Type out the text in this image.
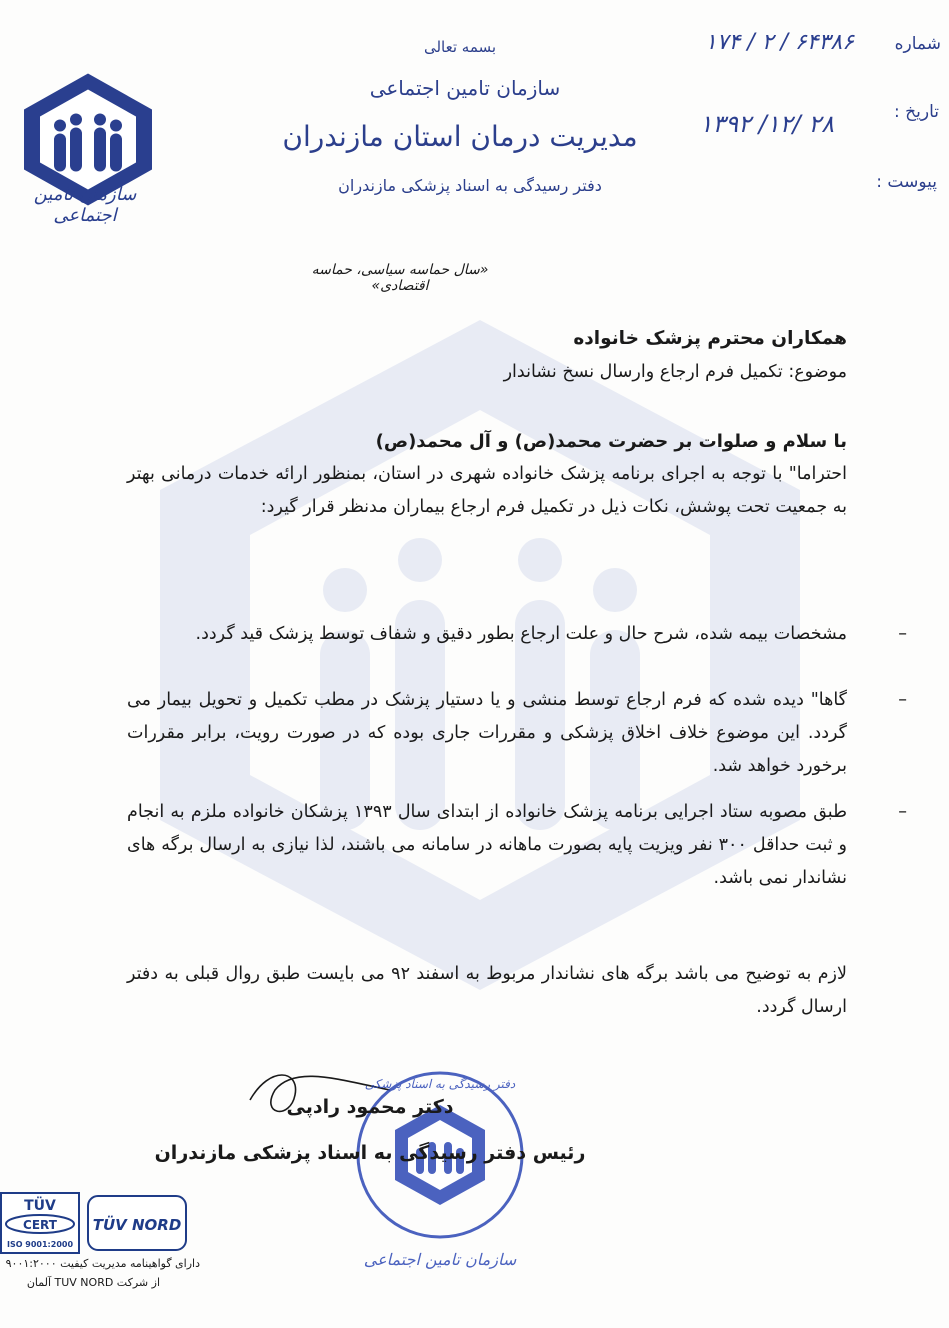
سازمان تامین اجتماعی
بسمه تعالی
سازمان تامین اجتماعی
مدیریت درمان استان مازندران
دفتر رسیدگی به اسناد پزشکی مازندران
شماره
۱۷۴ / ۲ / ۶۴۳۸۶
تاریخ :
۱۳۹۲ /۱۲/ ۲۸
پیوست :
«سال حماسه سیاسی، حماسه اقتصادی»
همکاران محترم پزشک خانواده
موضوع: تکمیل فرم ارجاع وارسال نسخ نشاندار
با سلام و صلوات بر حضرت محمد(ص) و آل محمد(ص)
احتراما" با توجه به اجرای برنامه پزشک خانواده شهری در استان، بمنظور ارائه خدمات درمانی بهتر به جمعیت تحت پوشش، نکات ذیل در تکمیل فرم ارجاع بیماران مدنظر قرار گیرد:
–
مشخصات بیمه شده، شرح حال و علت ارجاع بطور دقیق و شفاف توسط پزشک قید گردد.
–
گاها" دیده شده که فرم ارجاع توسط منشی و یا دستیار پزشک در مطب تکمیل و تحویل بیمار می گردد. این موضوع خلاف اخلاق پزشکی و مقررات جاری بوده که در صورت رویت، برابر مقررات برخورد خواهد شد.
–
طبق مصوبه ستاد اجرایی برنامه پزشک خانواده از ابتدای سال ۱۳۹۳ پزشکان خانواده ملزم به انجام و ثبت حداقل ۳۰۰ نفر ویزیت پایه بصورت ماهانه در سامانه می باشند، لذا نیازی به ارسال برگه های نشاندار نمی باشد.
لازم به توضیح می باشد برگه های نشاندار مربوط به اسفند ۹۲ می بایست طبق روال قبلی به دفتر ارسال گردد.
سازمان تامین اجتماعی
دفتر رسیدگی به اسناد پزشکی
دکتر محمود رادپی
رئیس دفتر رسیدگی به اسناد پزشکی مازندران
TÜV
CERT
ISO 9001:2000
TÜV NORD
دارای گواهینامه مدیریت کیفیت ۹۰۰۱:۲۰۰۰
از شرکت TUV NORD آلمان
